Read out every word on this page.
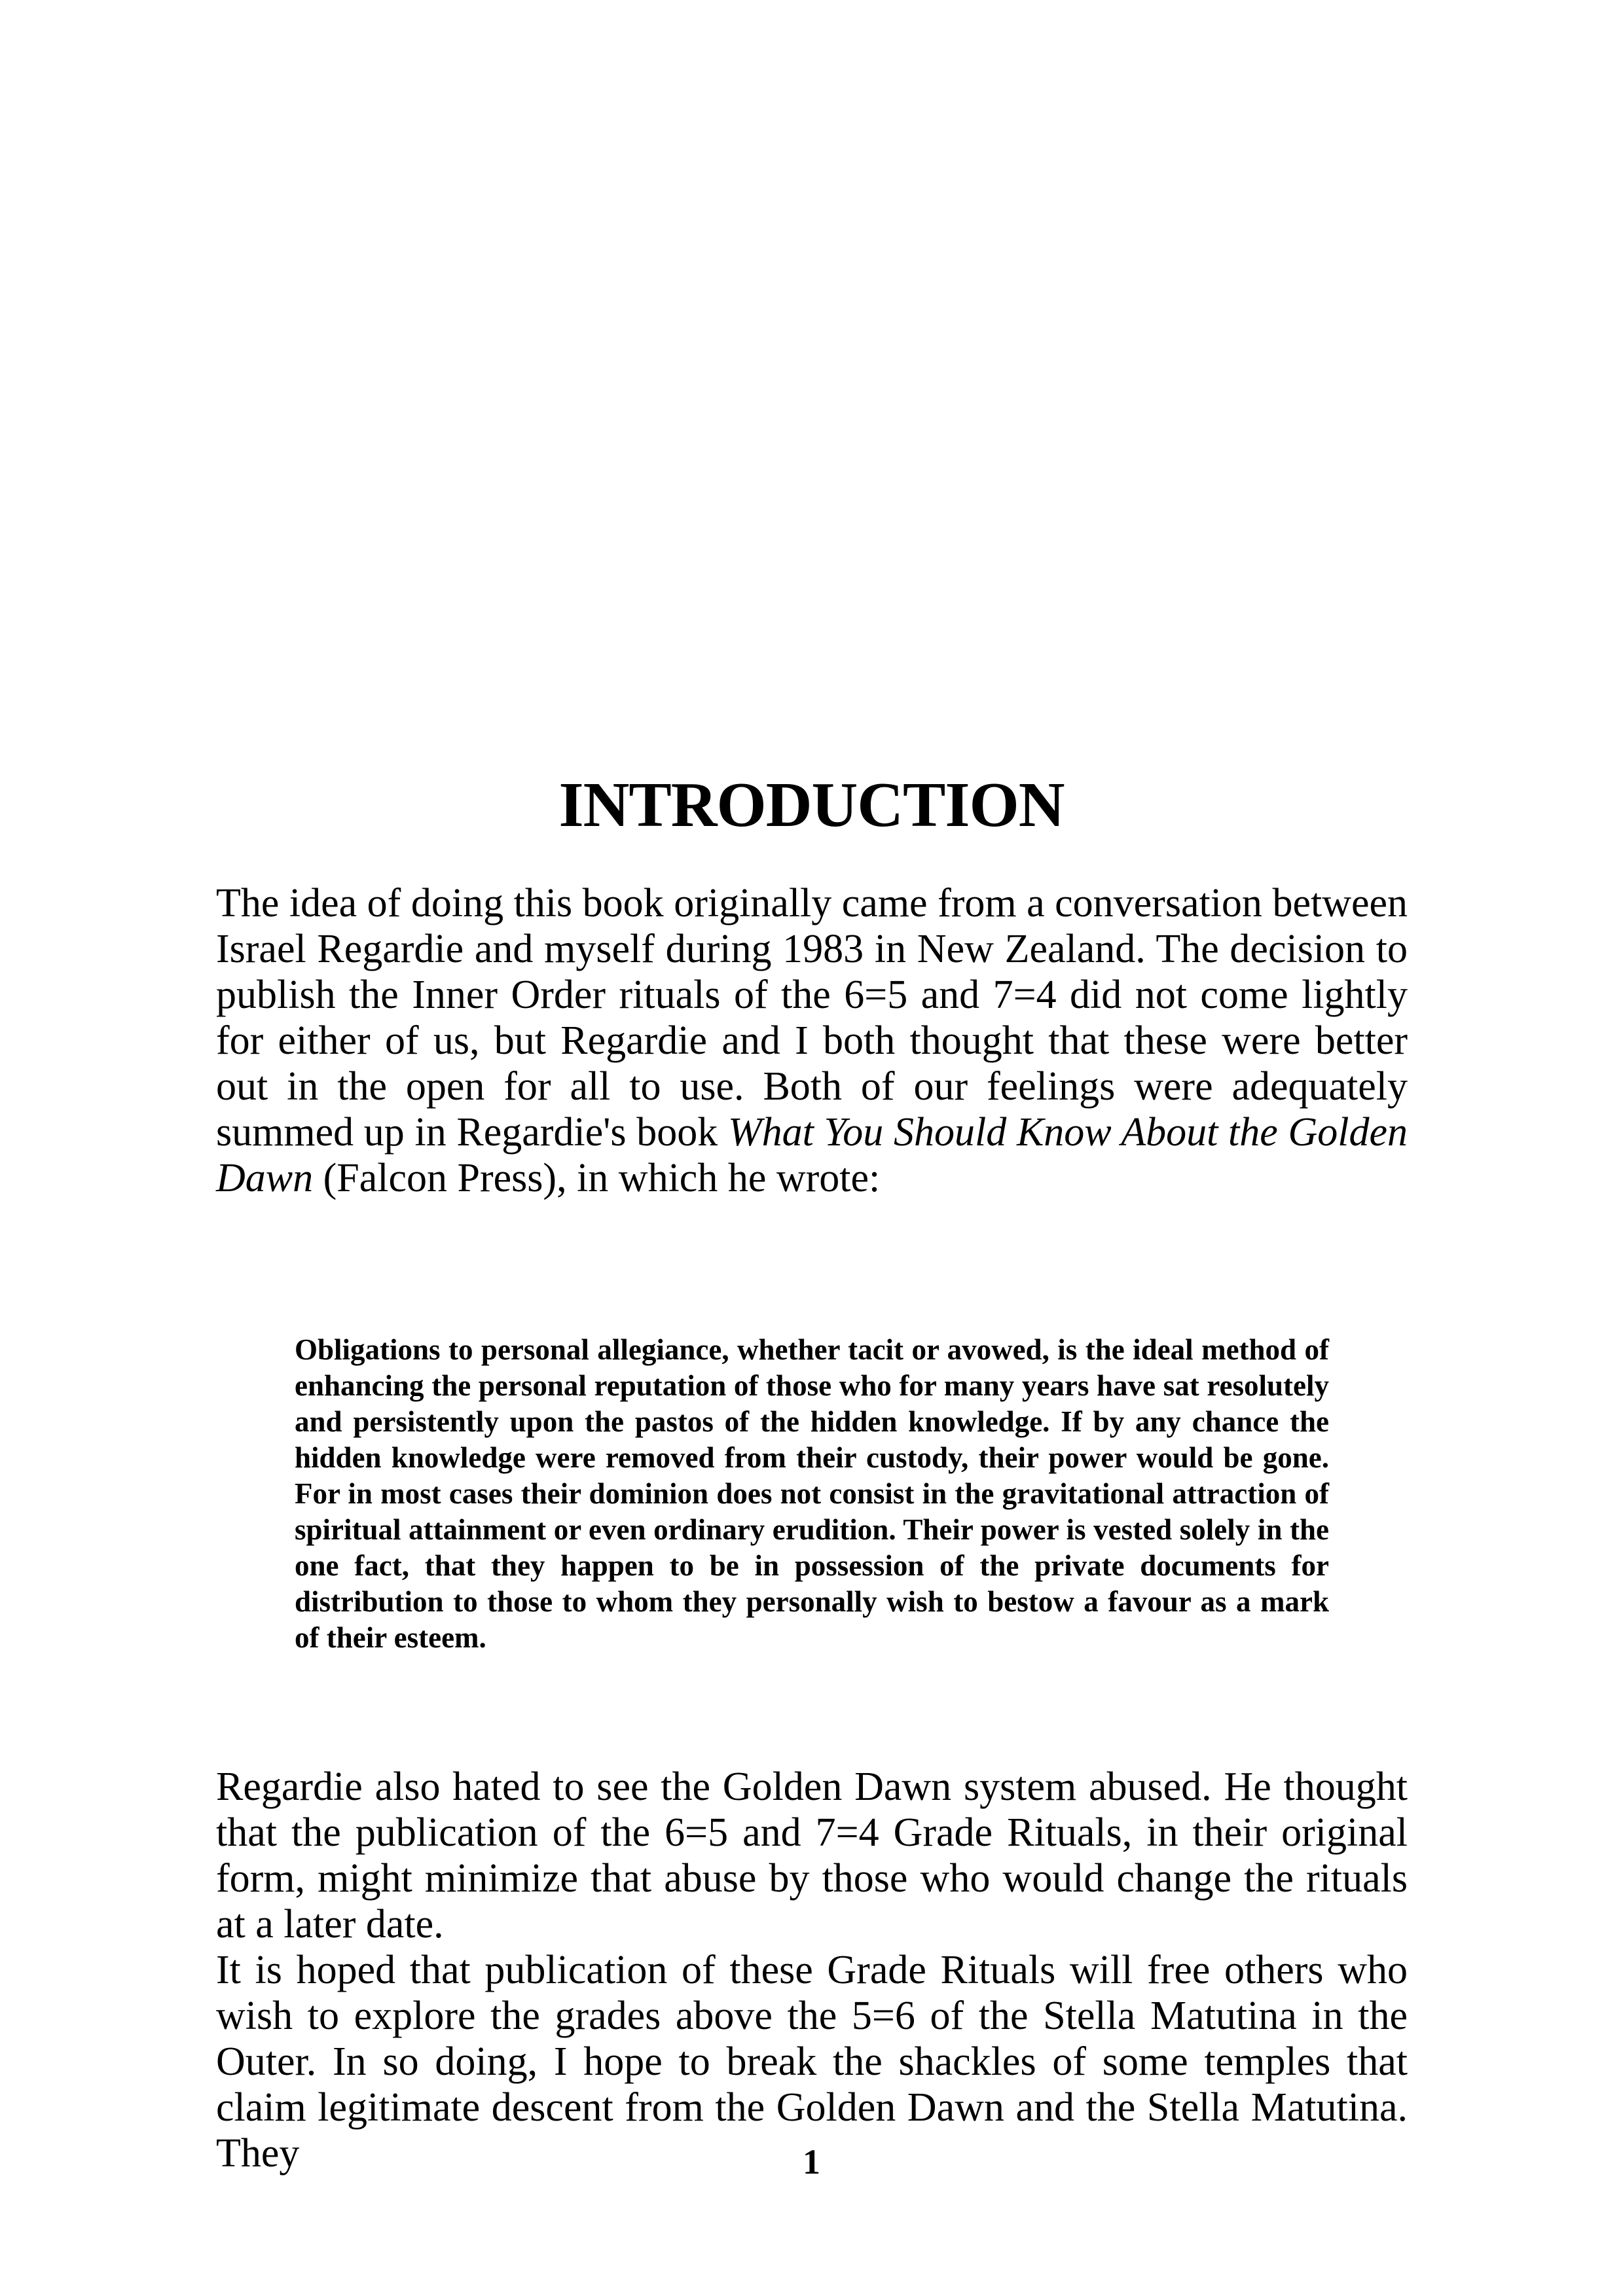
INTRODUCTION

The idea of doing this book originally came from a conversation between Israel Regardie and myself during 1983 in New Zealand. The decision to publish the Inner Order rituals of the 6=5 and 7=4 did not come lightly for either of us, but Regardie and I both thought that these were better out in the open for all to use. Both of our feelings were adequately summed up in Regardie's book What You Should Know About the Golden Dawn (Falcon Press), in which he wrote:

Obligations to personal allegiance, whether tacit or avowed, is the ideal method of enhancing the personal reputation of those who for many years have sat resolutely and persistently upon the pastos of the hidden knowledge. If by any chance the hidden knowledge were removed from their custody, their power would be gone. For in most cases their dominion does not consist in the gravitational attraction of spiritual attainment or even ordinary erudition. Their power is vested solely in the one fact, that they happen to be in possession of the private documents for distribution to those to whom they personally wish to bestow a favour as a mark of their esteem.

Regardie also hated to see the Golden Dawn system abused. He thought that the publication of the 6=5 and 7=4 Grade Rituals, in their original form, might minimize that abuse by those who would change the rituals at a later date.

It is hoped that publication of these Grade Rituals will free others who wish to explore the grades above the 5=6 of the Stella Matutina in the Outer. In so doing, I hope to break the shackles of some temples that claim legitimate descent from the Golden Dawn and the Stella Matutina. They	1
